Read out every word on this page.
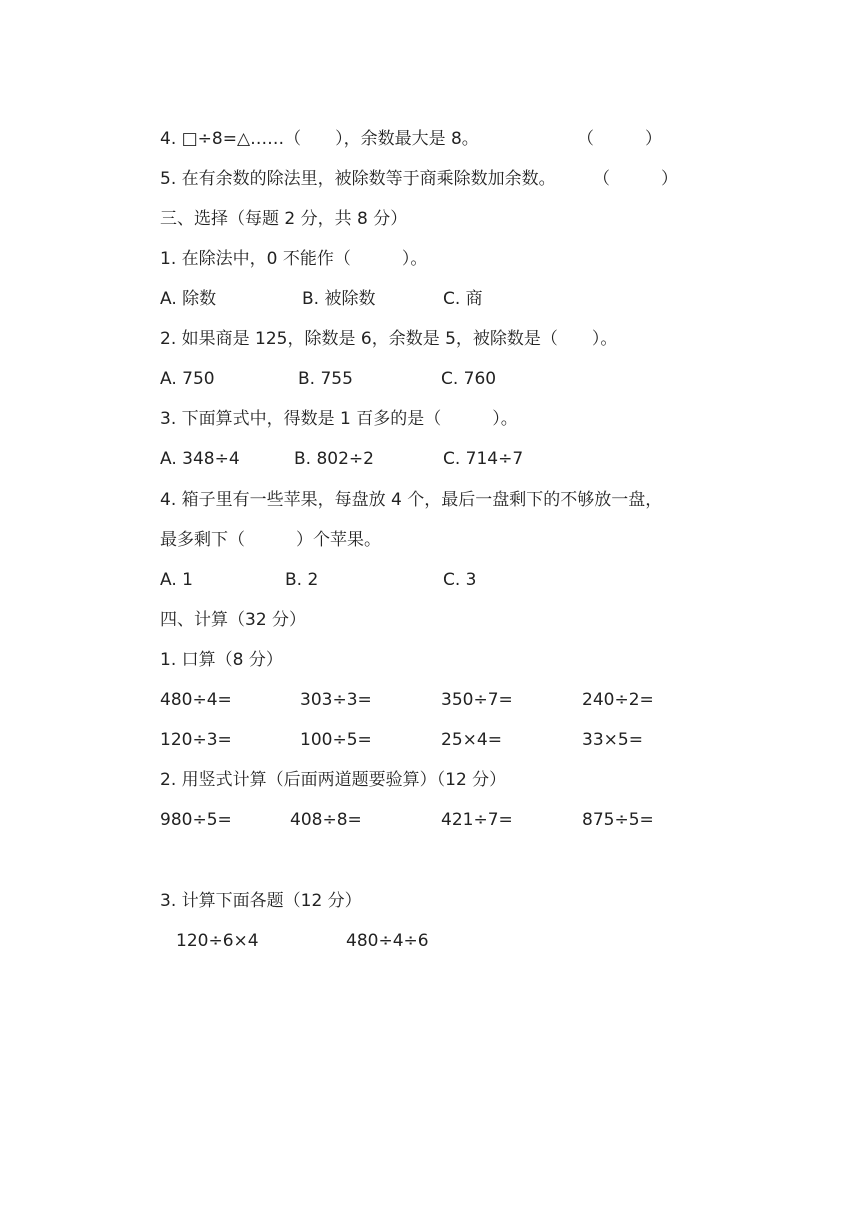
4. □÷8=△……（　　），余数最大是 8。	（　　　）
5. 在有余数的除法里，被除数等于商乘除数加余数。 （　　　）
三、选择（每题 2 分，共 8 分）
1. 在除法中，0 不能作（　　　）。
A. 除数	B. 被除数	C. 商
2. 如果商是 125，除数是 6，余数是 5，被除数是（　　）。
A. 750	B. 755	C. 760
3. 下面算式中，得数是 1 百多的是（　　　）。
A. 348÷4	B. 802÷2	C. 714÷7
4. 箱子里有一些苹果，每盘放 4 个，最后一盘剩下的不够放一盘，
最多剩下（　　　）个苹果。
A. 1	B. 2	C. 3
四、计算（32 分）
1. 口算（8 分）
480÷4=	303÷3=	350÷7=	240÷2=
120÷3=	100÷5=	25×4=	33×5=
2. 用竖式计算（后面两道题要验算）（12 分）
980÷5=	408÷8=	421÷7=	875÷5=
3. 计算下面各题（12 分）
120÷6×4	480÷4÷6
